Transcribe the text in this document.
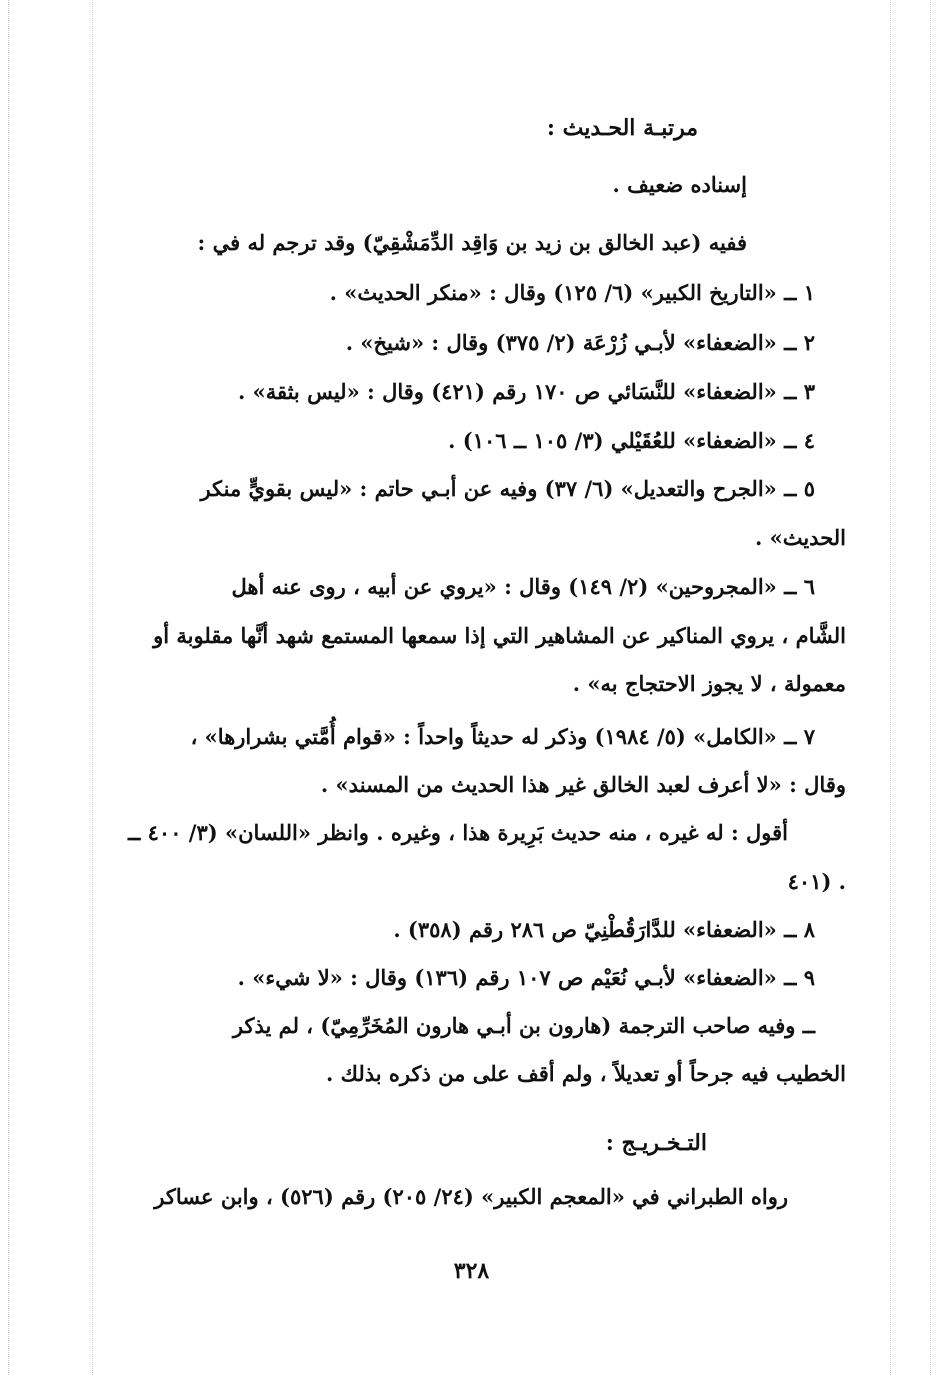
مرتبـة الحـديث :
إسناده ضعيف .
ففيه (عبد الخالق بن زيد بن وَاقِد الدِّمَشْقِيّ) وقد ترجم له في :
١ ــ «التاريخ الكبير» (٦/ ١٢٥) وقال : «منكر الحديث» .
٢ ــ «الضعفاء» لأبـي زُرْعَة (٢/ ٣٧٥) وقال : «شيخ» .
٣ ــ «الضعفاء» للنَّسَائي ص ١٧٠ رقم (٤٢١) وقال : «ليس بثقة» .
٤ ــ «الضعفاء» للعُقَيْلي (٣/ ١٠٥ ــ ١٠٦) .
٥ ــ «الجرح والتعديل» (٦/ ٣٧) وفيه عن أبـي حاتم : «ليس بقويٍّ منكر
الحديث» .
٦ ــ «المجروحين» (٢/ ١٤٩) وقال : «يروي عن أبيه ، روى عنه أهل
الشَّام ، يروي المناكير عن المشاهير التي إذا سمعها المستمع شهد أنَّها مقلوبة أو
معمولة ، لا يجوز الاحتجاج به» .
٧ ــ «الكامل» (٥/ ١٩٨٤) وذكر له حديثاً واحداً : «قوام أُمَّتي بشرارها» ،
وقال : «لا أعرف لعبد الخالق غير هذا الحديث من المسند» .
أقول : له غيره ، منه حديث بَرِيرة هذا ، وغيره . وانظر «اللسان» (٣/ ٤٠٠ ــ
٤٠١) .
٨ ــ «الضعفاء» للدَّارَقُطْنِيّ ص ٢٨٦ رقم (٣٥٨) .
٩ ــ «الضعفاء» لأبـي نُعَيْم ص ١٠٧ رقم (١٣٦) وقال : «لا شيء» .
ــ وفيه صاحب الترجمة (هارون بن أبـي هارون المُخَرِّمِيّ) ، لم يذكر
الخطيب فيه جرحاً أو تعديلاً ، ولم أقف على من ذكره بذلك .
التـخـريـج :
رواه الطبراني في «المعجم الكبير» (٢٤/ ٢٠٥) رقم (٥٢٦) ، وابن عساكر
٣٢٨
